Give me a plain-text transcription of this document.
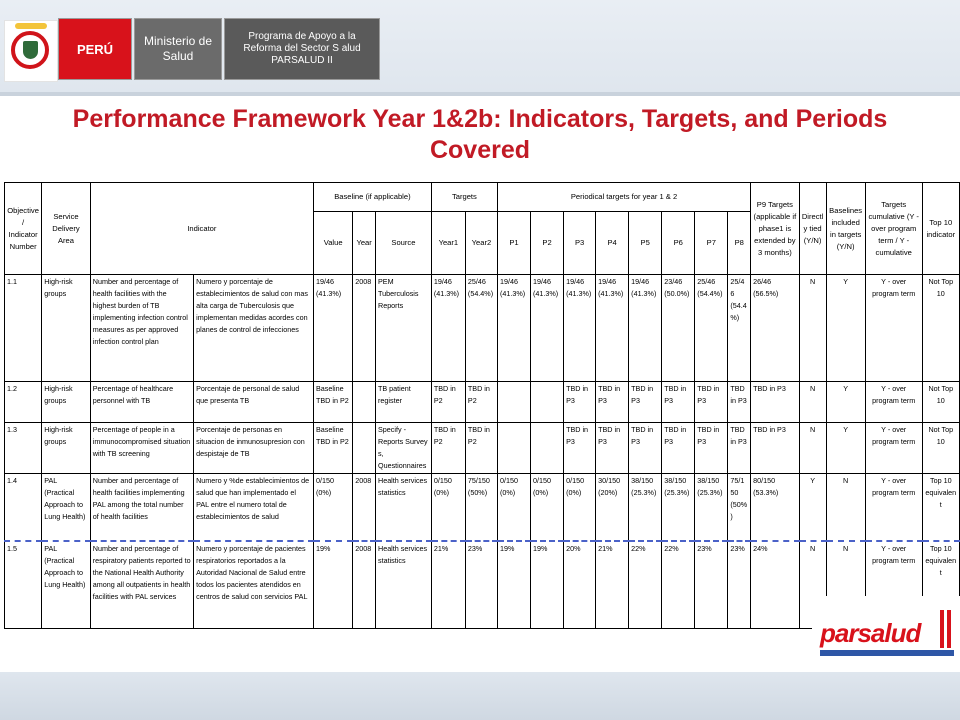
PERÚ
Ministerio de Salud
Programa de Apoyo a la Reforma del Sector S alud PARSALUD II
Performance Framework Year 1&2b: Indicators, Targets, and Periods Covered
Objective / Indicator Number	Service Delivery Area	Indicator		Baseline (if applicable)			Targets		Periodical targets for year 1 & 2								P9 Targets (applicable if phase1 is extended by 3 months)	Directly tied (Y/N)	Baselines included in targets (Y/N)	Targets cumulative (Y - over program term / Y - cumulative	Top 10 indicator
				Value	Year	Source	Year1	Year2	P1	P2	P3	P4	P5	P6	P7	P8					
1.1	High-risk groups	Number and percentage of health facilities with the highest burden of TB implementing infection control measures as per approved infection control plan	Numero y porcentaje de establecimientos de salud con mas alta carga de Tuberculosis que implementan medidas acordes con planes de control de infecciones	19/46 (41.3%)	2008	PEM Tuberculosis Reports	19/46 (41.3%)	25/46 (54.4%)	19/46 (41.3%)	19/46 (41.3%)	19/46 (41.3%)	19/46 (41.3%)	19/46 (41.3%)	23/46 (50.0%)	25/46 (54.4%)	25/46 (54.4%)	26/46 (56.5%)	N	Y	Y - over program term	Not Top 10
1.2	High-risk groups	Percentage of healthcare personnel with TB	Porcentaje de personal de salud que presenta TB	Baseline TBD in P2		TB patient register	TBD in P2	TBD in P2			TBD in P3	TBD in P3	TBD in P3	TBD in P3	TBD in P3	TBD in P3	TBD in P3	N	Y	Y - over program term	Not Top 10
1.3	High-risk groups	Percentage of people in a immunocompromised situation with TB screening	Porcentaje de personas en situacion de inmunosupresion con despistaje de TB	Baseline TBD in P2		Specify - Reports Survey s, Questionnaires	TBD in P2	TBD in P2			TBD in P3	TBD in P3	TBD in P3	TBD in P3	TBD in P3	TBD in P3	TBD in P3	N	Y	Y - over program term	Not Top 10
1.4	PAL (Practical Approach to Lung Health)	Number and percentage of health facilities implementing PAL among the total number of health facilities	Numero y %de establecimientos de salud que han implementado el PAL entre el numero total de establecimientos de salud	0/150 (0%)	2008	Health services statistics	0/150 (0%)	75/150 (50%)	0/150 (0%)	0/150 (0%)	0/150 (0%)	30/150 (20%)	38/150 (25.3%)	38/150 (25.3%)	38/150 (25.3%)	75/150 (50%)	80/150 (53.3%)	Y	N	Y - over program term	Top 10 equivalent
1.5	PAL (Practical Approach to Lung Health)	Number and percentage of respiratory patients reported to the National Health Authority among all outpatients in health facilities with PAL services	Numero y porcentaje de pacientes respiratorios reportados a la Autoridad Nacional de Salud entre todos los pacientes atendidos en centros de salud con servicios PAL	19%	2008	Health services statistics	21%	23%	19%	19%	20%	21%	22%	22%	23%	23%	24%	N	N	Y - over program term	Top 10 equivalent
parsalud
